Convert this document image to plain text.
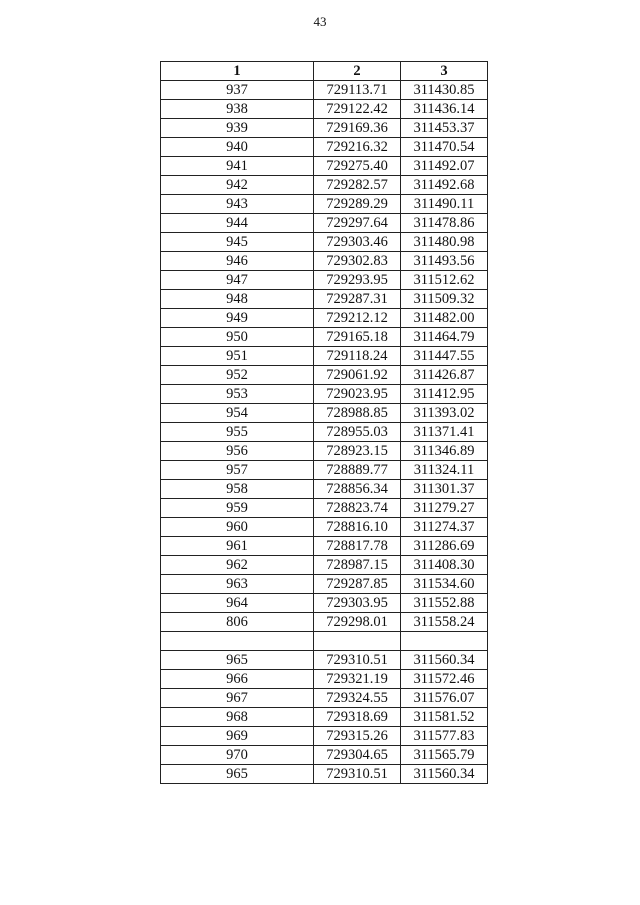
43
1	2	3
937	729113.71	311430.85
938	729122.42	311436.14
939	729169.36	311453.37
940	729216.32	311470.54
941	729275.40	311492.07
942	729282.57	311492.68
943	729289.29	311490.11
944	729297.64	311478.86
945	729303.46	311480.98
946	729302.83	311493.56
947	729293.95	311512.62
948	729287.31	311509.32
949	729212.12	311482.00
950	729165.18	311464.79
951	729118.24	311447.55
952	729061.92	311426.87
953	729023.95	311412.95
954	728988.85	311393.02
955	728955.03	311371.41
956	728923.15	311346.89
957	728889.77	311324.11
958	728856.34	311301.37
959	728823.74	311279.27
960	728816.10	311274.37
961	728817.78	311286.69
962	728987.15	311408.30
963	729287.85	311534.60
964	729303.95	311552.88
806	729298.01	311558.24

965	729310.51	311560.34
966	729321.19	311572.46
967	729324.55	311576.07
968	729318.69	311581.52
969	729315.26	311577.83
970	729304.65	311565.79
965	729310.51	311560.34
